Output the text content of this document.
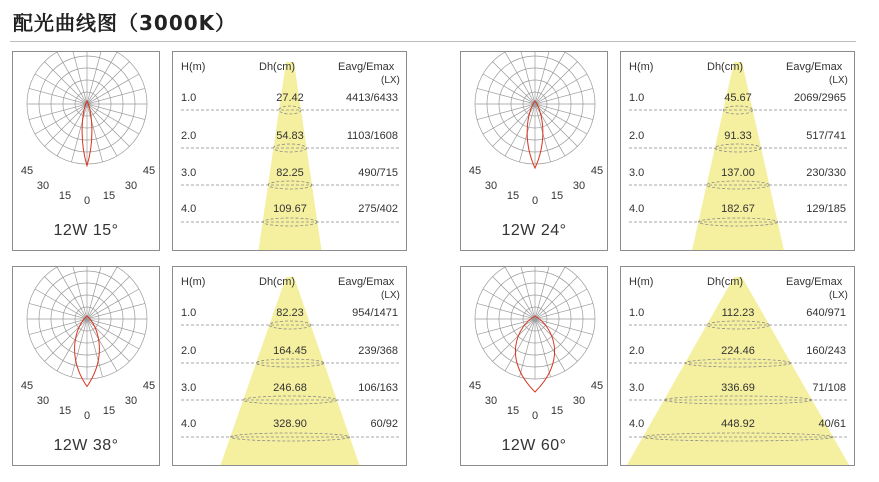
配光曲线图（3000K）
45
30
15 0 15
30
45
12W 15°
H(m)	Dh(cm)	Eavg/Emax
(LX)
1.0	27.42	4413/6433
2.0	54.83	1103/1608
3.0	82.25	490/715
4.0	109.67	275/402
45
30
15 0 15
30
45
12W 24°
H(m)	Dh(cm)	Eavg/Emax
(LX)
1.0	45.67	2069/2965
2.0	91.33	517/741
3.0	137.00	230/330
4.0	182.67	129/185
45
30
15 0 15
30
45
12W 38°
H(m)	Dh(cm)	Eavg/Emax
(LX)
1.0	82.23	954/1471
2.0	164.45	239/368
3.0	246.68	106/163
4.0	328.90	60/92
45
30
15 0 15
30
45
12W 60°
H(m)	Dh(cm)	Eavg/Emax
(LX)
1.0	112.23	640/971
2.0	224.46	160/243
3.0	336.69	71/108
4.0	448.92	40/61
